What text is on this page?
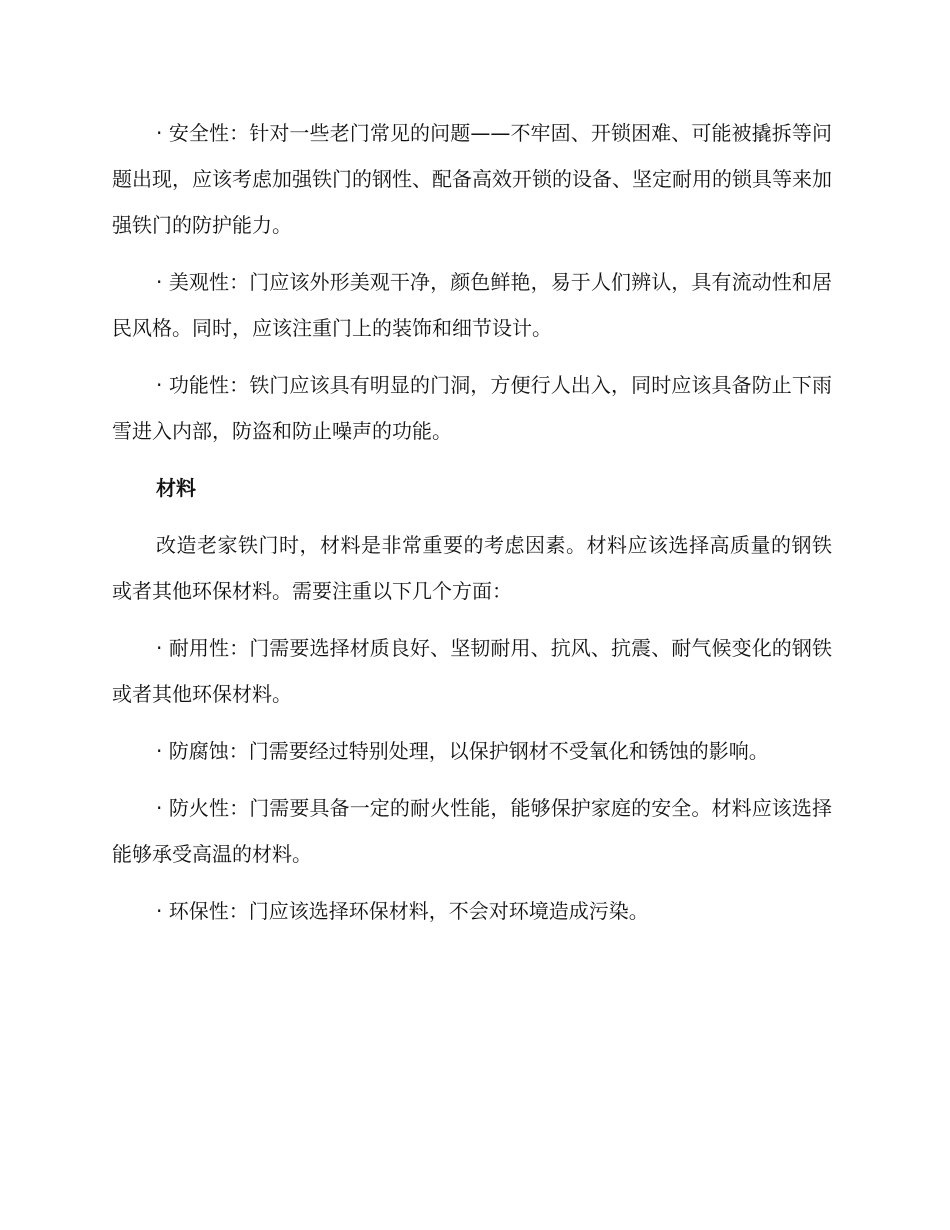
· 安全性：针对一些老门常见的问题——不牢固、开锁困难、可能被撬拆等问题出现，应该考虑加强铁门的钢性、配备高效开锁的设备、坚定耐用的锁具等来加强铁门的防护能力。

· 美观性：门应该外形美观干净，颜色鲜艳，易于人们辨认，具有流动性和居民风格。同时，应该注重门上的装饰和细节设计。

· 功能性：铁门应该具有明显的门洞，方便行人出入，同时应该具备防止下雨雪进入内部，防盗和防止噪声的功能。

材料

改造老家铁门时，材料是非常重要的考虑因素。材料应该选择高质量的钢铁或者其他环保材料。需要注重以下几个方面：

· 耐用性：门需要选择材质良好、坚韧耐用、抗风、抗震、耐气候变化的钢铁或者其他环保材料。

· 防腐蚀：门需要经过特别处理，以保护钢材不受氧化和锈蚀的影响。

· 防火性：门需要具备一定的耐火性能，能够保护家庭的安全。材料应该选择能够承受高温的材料。

· 环保性：门应该选择环保材料，不会对环境造成污染。
